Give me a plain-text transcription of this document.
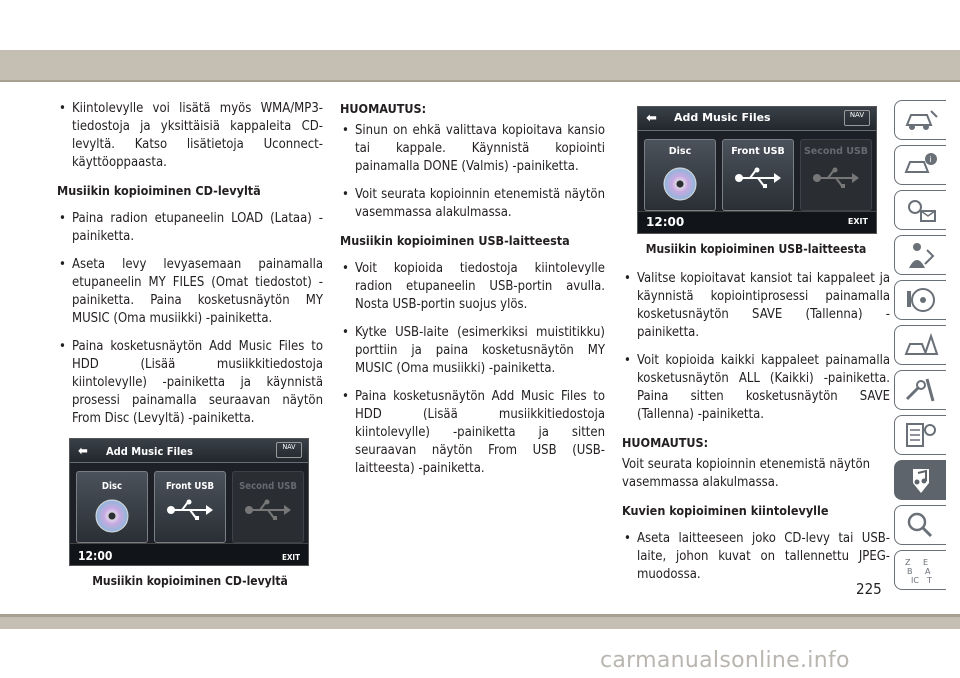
• Kiintolevylle voi lisätä myös WMA/MP3-tiedostoja ja yksittäisiä kappaleita CD-levyltä. Katso lisätietoja Uconnect-käyttöoppaasta.
Musiikin kopioiminen CD-levyltä
• Paina radion etupaneelin LOAD (Lataa) -painiketta.
• Aseta levy levyasemaan painamalla etupaneelin MY FILES (Omat tiedostot) -painiketta. Paina kosketusnäytön MY MUSIC (Oma musiikki) -painiketta.
• Paina kosketusnäytön Add Music Files to HDD (Lisää musiikkitiedostoja kiintolevylle) -painiketta ja käynnistä prosessi painamalla seuraavan näytön From Disc (Levyltä) -painiketta.
⬅ Add Music Files	NAV
Disc	Front USB	Second USB
12:00	EXIT
Musiikin kopioiminen CD-levyltä
HUOMAUTUS:
• Sinun on ehkä valittava kopioitava kansio tai kappale. Käynnistä kopiointi painamalla DONE (Valmis) -painiketta.
• Voit seurata kopioinnin etenemistä näytön vasemmassa alakulmassa.
Musiikin kopioiminen USB-laitteesta
• Voit kopioida tiedostoja kiintolevylle radion etupaneelin USB-portin avulla. Nosta USB-portin suojus ylös.
• Kytke USB-laite (esimerkiksi muistitikku) porttiin ja paina kosketusnäytön MY MUSIC (Oma musiikki) -painiketta.
• Paina kosketusnäytön Add Music Files to HDD (Lisää musiikkitiedostoja kiintolevylle) -painiketta ja sitten seuraavan näytön From USB (USB-laitteesta) -painiketta.
⬅ Add Music Files	NAV
Disc	Front USB	Second USB
12:00	EXIT
Musiikin kopioiminen USB-laitteesta
• Valitse kopioitavat kansiot tai kappaleet ja käynnistä kopiointiprosessi painamalla kosketusnäytön SAVE (Tallenna) -painiketta.
• Voit kopioida kaikki kappaleet painamalla kosketusnäytön ALL (Kaikki) -painiketta. Paina sitten kosketusnäytön SAVE (Tallenna) -painiketta.
HUOMAUTUS:
Voit seurata kopioinnin etenemistä näytön vasemmassa alakulmassa.
Kuvien kopioiminen kiintolevylle
• Aseta laitteeseen joko CD-levy tai USB-laite, johon kuvat on tallennettu JPEG-muodossa.
i
Z E
B A
IC T
225
carmanualsonline.info
